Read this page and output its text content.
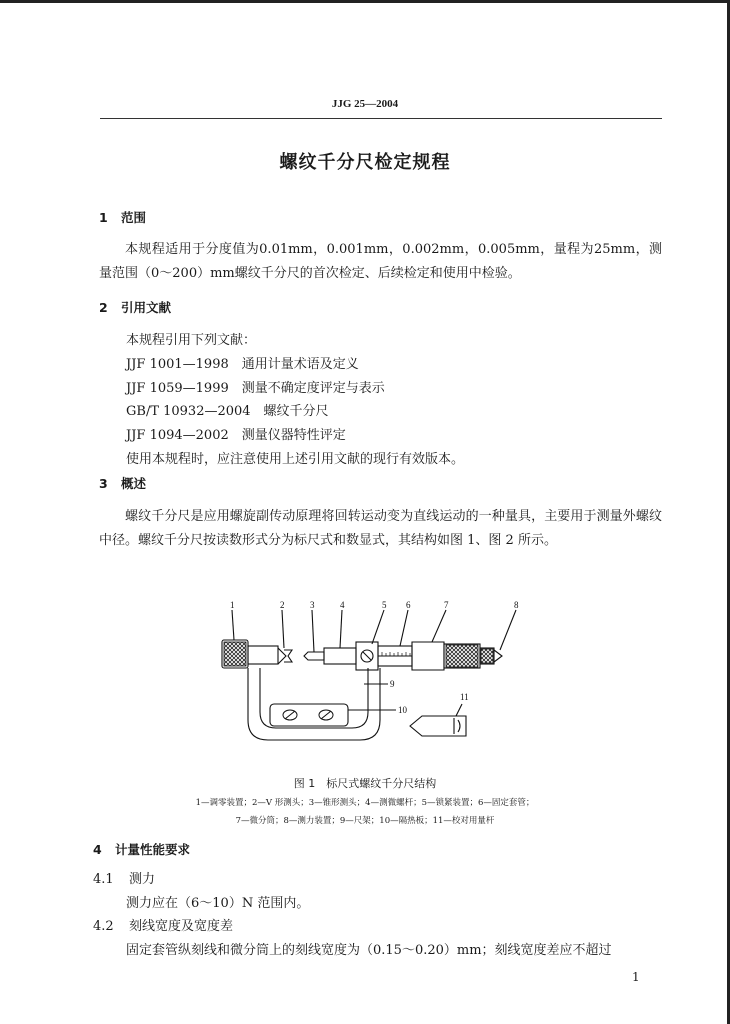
JJG 25—2004
螺纹千分尺检定规程
1 范围
本规程适用于分度值为0.01mm，0.001mm，0.002mm，0.005mm，量程为25mm，测量范围（0～200）mm螺纹千分尺的首次检定、后续检定和使用中检验。
2 引用文献
本规程引用下列文献：
JJF 1001—1998　通用计量术语及定义
JJF 1059—1999　测量不确定度评定与表示
GB/T 10932—2004　螺纹千分尺
JJF 1094—2002　测量仪器特性评定
使用本规程时，应注意使用上述引用文献的现行有效版本。
3 概述
螺纹千分尺是应用螺旋副传动原理将回转运动变为直线运动的一种量具，主要用于测量外螺纹中径。螺纹千分尺按读数形式分为标尺式和数显式，其结构如图 1、图 2 所示。
1	2	3	4	5 6	7	8
9
10
11
图 1　标尺式螺纹千分尺结构
1—调零装置；2—V 形测头；3—锥形测头；4—测微螺杆；5—锁紧装置；6—固定套管；
7—微分筒；8—测力装置；9—尺架；10—隔热板；11—校对用量杆
4 计量性能要求
4.1 测力
测力应在（6～10）N 范围内。
4.2 刻线宽度及宽度差
固定套管纵刻线和微分筒上的刻线宽度为（0.15～0.20）mm；刻线宽度差应不超过
1
